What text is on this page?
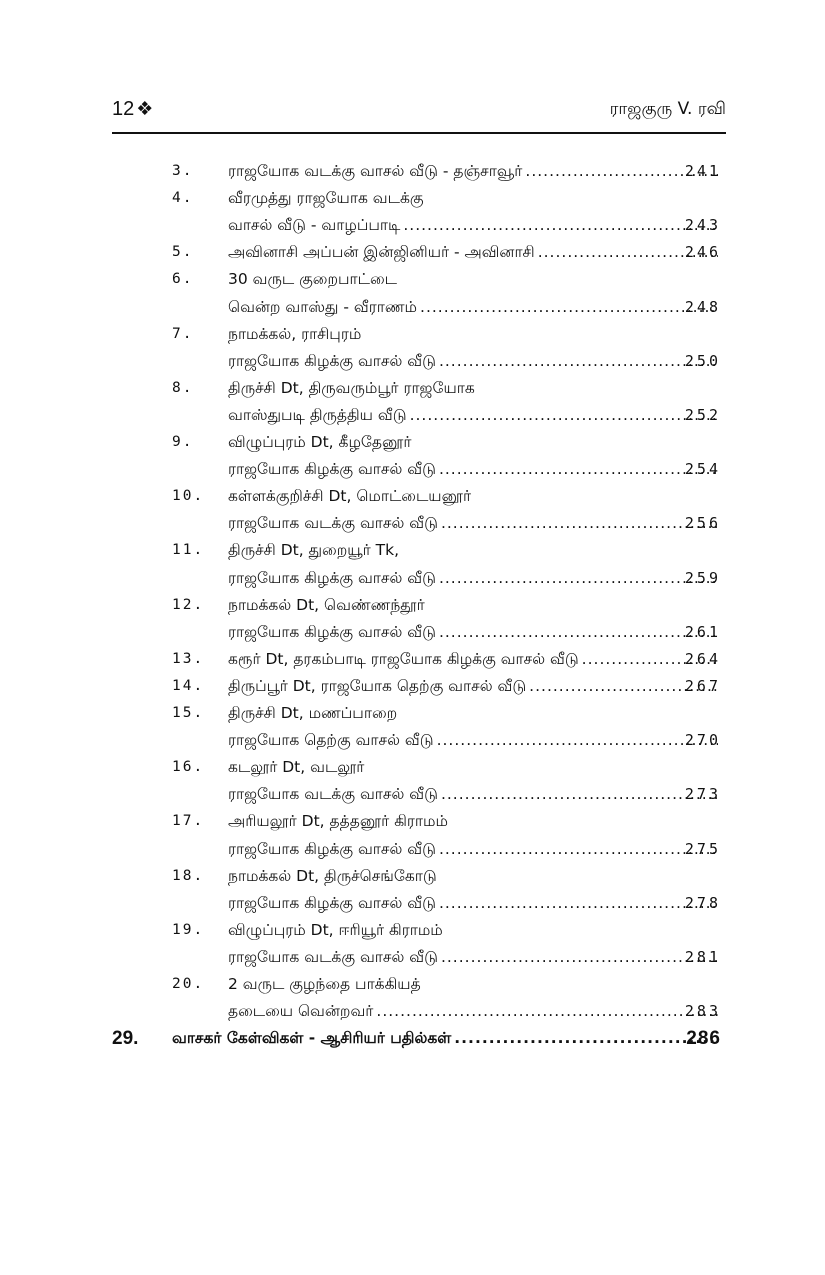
12 ❖	ராஜகுரு V. ரவி
3. ராஜயோக வடக்கு வாசல் வீடு - தஞ்சாவூர் .....	241
4. வீரமுத்து ராஜயோக வடக்கு
வாசல் வீடு - வாழப்பாடி .....	243
5. அவினாசி அப்பன் இன்ஜினியர் - அவினாசி .....	246
6. 30 வருட குறைபாட்டை
வென்ற வாஸ்து - வீராணம் .....	248
7. நாமக்கல், ராசிபுரம்
ராஜயோக கிழக்கு வாசல் வீடு .....	250
8. திருச்சி Dt, திருவரும்பூர் ராஜயோக
வாஸ்துபடி திருத்திய வீடு .....	252
9. விழுப்புரம் Dt, கீழதேனூர்
ராஜயோக கிழக்கு வாசல் வீடு .....	254
10. கள்ளக்குறிச்சி Dt, மொட்டையனூர்
ராஜயோக வடக்கு வாசல் வீடு .....	256
11. திருச்சி Dt, துறையூர் Tk,
ராஜயோக கிழக்கு வாசல் வீடு .....	259
12. நாமக்கல் Dt, வெண்ணந்தூர்
ராஜயோக கிழக்கு வாசல் வீடு .....	261
13. கரூர் Dt, தரகம்பாடி ராஜயோக கிழக்கு வாசல் வீடு .....	264
14. திருப்பூர் Dt, ராஜயோக தெற்கு வாசல் வீடு .....	267
15. திருச்சி Dt, மணப்பாறை
ராஜயோக தெற்கு வாசல் வீடு .....	270
16. கடலூர் Dt, வடலூர்
ராஜயோக வடக்கு வாசல் வீடு .....	273
17. அரியலூர் Dt, தத்தனூர் கிராமம்
ராஜயோக கிழக்கு வாசல் வீடு .....	275
18. நாமக்கல் Dt, திருச்செங்கோடு
ராஜயோக கிழக்கு வாசல் வீடு .....	278
19. விழுப்புரம் Dt, ஈரியூர் கிராமம்
ராஜயோக வடக்கு வாசல் வீடு .....	281
20. 2 வருட குழந்தை பாக்கியத்
தடையை வென்றவர் .....	283
29. வாசகர் கேள்விகள் - ஆசிரியர் பதில்கள் .....	286
